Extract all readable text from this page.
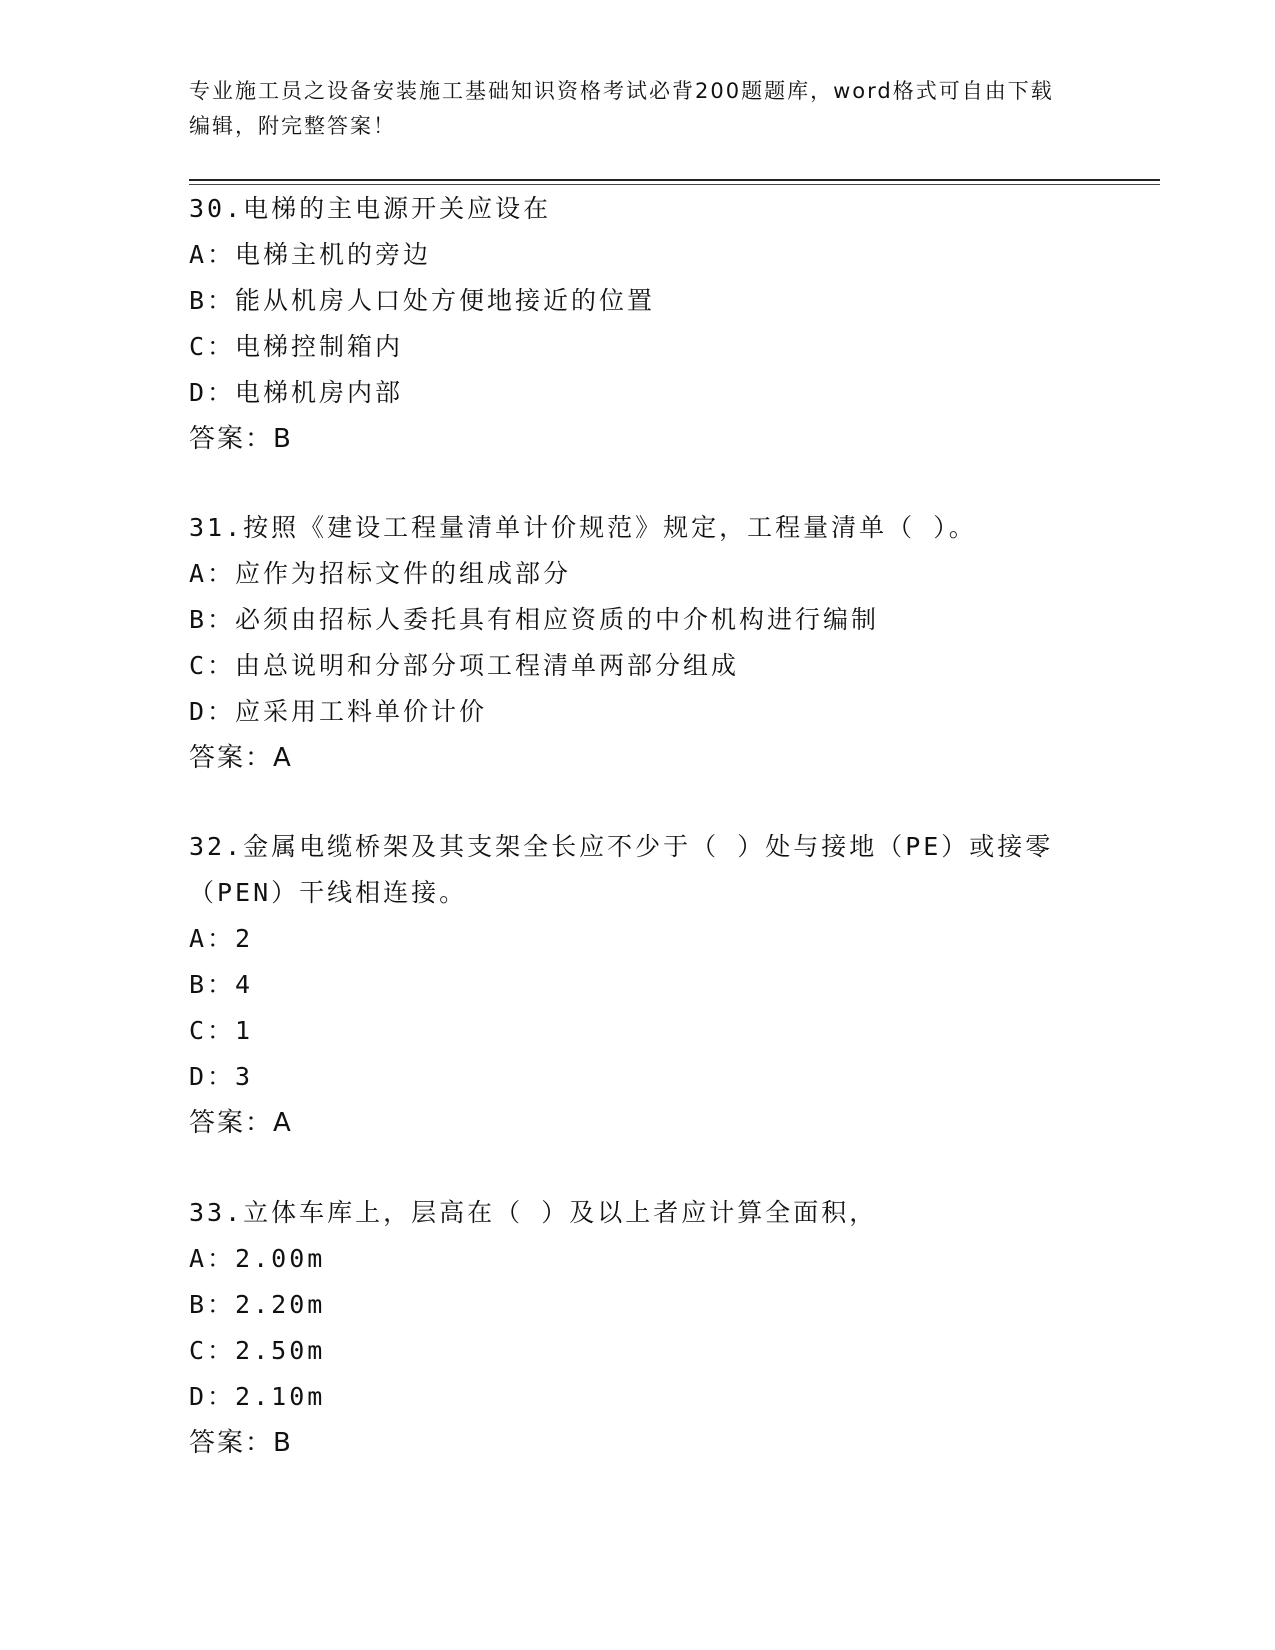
专业施工员之设备安装施工基础知识资格考试必背200题题库，word格式可自由下载编辑，附完整答案！
30.电梯的主电源开关应设在
A：电梯主机的旁边
B：能从机房人口处方便地接近的位置
C：电梯控制箱内
D：电梯机房内部
答案：B
31.按照《建设工程量清单计价规范》规定，工程量清单（ ）。
A：应作为招标文件的组成部分
B：必须由招标人委托具有相应资质的中介机构进行编制
C：由总说明和分部分项工程清单两部分组成
D：应采用工料单价计价
答案：A
32.金属电缆桥架及其支架全长应不少于（ ）处与接地（PE）或接零（PEN）干线相连接。
A：2
B：4
C：1
D：3
答案：A
33.立体车库上，层高在（ ）及以上者应计算全面积，
A：2.00m
B：2.20m
C：2.50m
D：2.10m
答案：B
